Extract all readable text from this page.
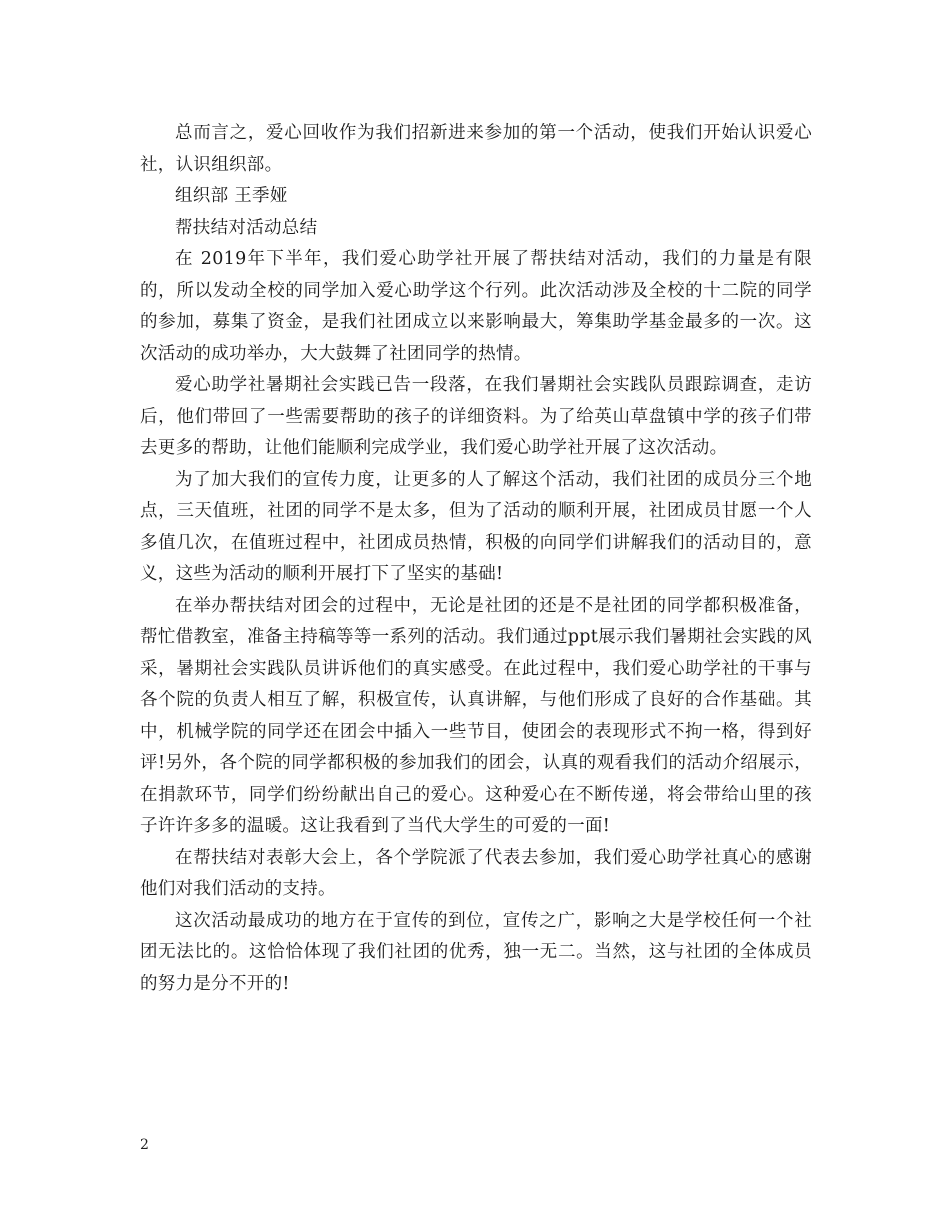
总而言之，爱心回收作为我们招新进来参加的第一个活动，使我们开始认识爱心社，认识组织部。

组织部 王季娅

帮扶结对活动总结

在 2019年下半年，我们爱心助学社开展了帮扶结对活动，我们的力量是有限的，所以发动全校的同学加入爱心助学这个行列。此次活动涉及全校的十二院的同学的参加，募集了资金，是我们社团成立以来影响最大，筹集助学基金最多的一次。这次活动的成功举办，大大鼓舞了社团同学的热情。

爱心助学社暑期社会实践已告一段落，在我们暑期社会实践队员跟踪调查，走访后，他们带回了一些需要帮助的孩子的详细资料。为了给英山草盘镇中学的孩子们带去更多的帮助，让他们能顺利完成学业，我们爱心助学社开展了这次活动。

为了加大我们的宣传力度，让更多的人了解这个活动，我们社团的成员分三个地点，三天值班，社团的同学不是太多，但为了活动的顺利开展，社团成员甘愿一个人多值几次，在值班过程中，社团成员热情，积极的向同学们讲解我们的活动目的，意义，这些为活动的顺利开展打下了坚实的基础!

在举办帮扶结对团会的过程中，无论是社团的还是不是社团的同学都积极准备，帮忙借教室，准备主持稿等等一系列的活动。我们通过ppt展示我们暑期社会实践的风采，暑期社会实践队员讲诉他们的真实感受。在此过程中，我们爱心助学社的干事与各个院的负责人相互了解，积极宣传，认真讲解，与他们形成了良好的合作基础。其中，机械学院的同学还在团会中插入一些节目，使团会的表现形式不拘一格，得到好评!另外，各个院的同学都积极的参加我们的团会，认真的观看我们的活动介绍展示，在捐款环节，同学们纷纷献出自己的爱心。这种爱心在不断传递，将会带给山里的孩子许许多多的温暖。这让我看到了当代大学生的可爱的一面!

在帮扶结对表彰大会上，各个学院派了代表去参加，我们爱心助学社真心的感谢他们对我们活动的支持。

这次活动最成功的地方在于宣传的到位，宣传之广，影响之大是学校任何一个社团无法比的。这恰恰体现了我们社团的优秀，独一无二。当然，这与社团的全体成员的努力是分不开的!

2
